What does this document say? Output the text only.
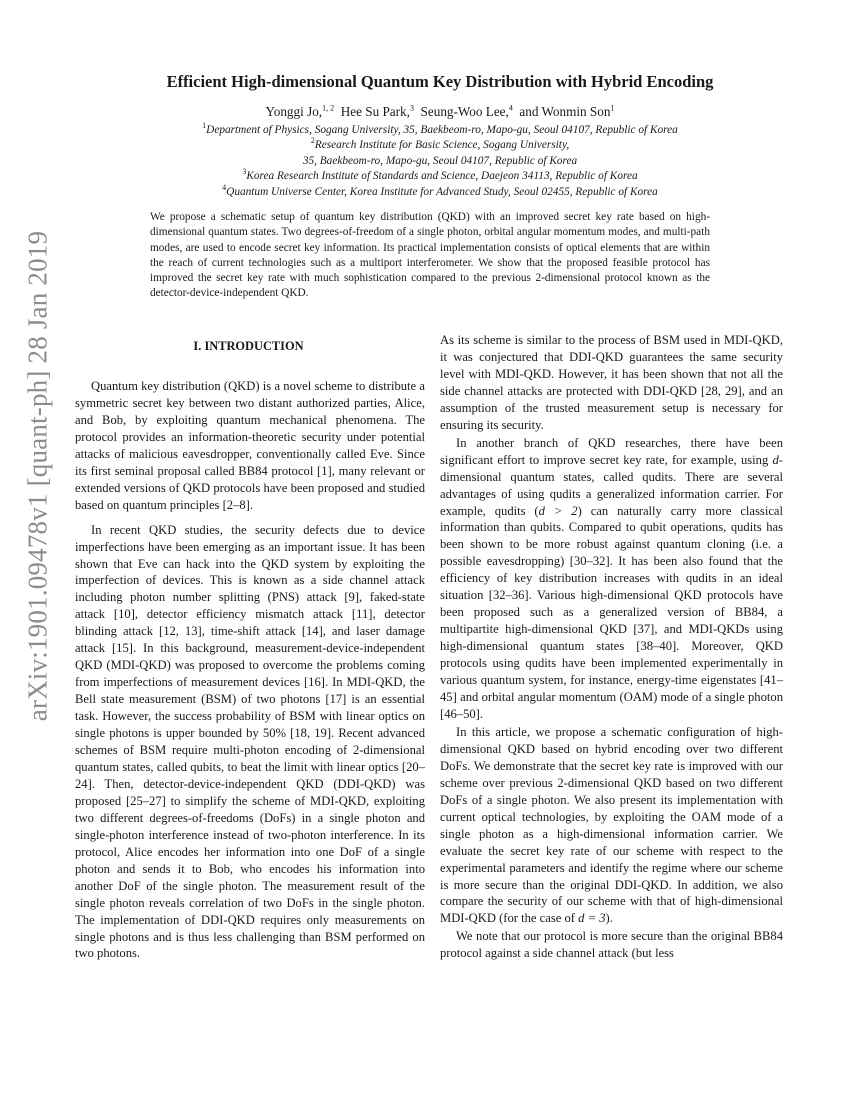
arXiv:1901.09478v1 [quant-ph] 28 Jan 2019
Efficient High-dimensional Quantum Key Distribution with Hybrid Encoding
Yonggi Jo,$^{1, 2}$ Hee Su Park,$^3$ Seung-Woo Lee,$^4$ and Wonmin Son$^1$
$^1$Department of Physics, Sogang University, 35, Baekbeom-ro, Mapo-gu, Seoul 04107, Republic of Korea
$^2$Research Institute for Basic Science, Sogang University,
35, Baekbeom-ro, Mapo-gu, Seoul 04107, Republic of Korea
$^3$Korea Research Institute of Standards and Science, Daejeon 34113, Republic of Korea
$^4$Quantum Universe Center, Korea Institute for Advanced Study, Seoul 02455, Republic of Korea
We propose a schematic setup of quantum key distribution (QKD) with an improved secret key rate based on high-dimensional quantum states. Two degrees-of-freedom of a single photon, orbital angular momentum modes, and multi-path modes, are used to encode secret key information. Its practical implementation consists of optical elements that are within the reach of current technologies such as a multiport interferometer. We show that the proposed feasible protocol has improved the secret key rate with much sophistication compared to the previous 2-dimensional protocol known as the detector-device-independent QKD.
I. INTRODUCTION

Quantum key distribution (QKD) is a novel scheme to distribute a symmetric secret key between two distant authorized parties, Alice, and Bob, by exploiting quantum mechanical phenomena. The protocol provides an information-theoretic security under potential attacks of malicious eavesdropper, conventionally called Eve. Since its first seminal proposal called BB84 protocol [1], many relevant or extended versions of QKD protocols have been proposed and studied based on quantum principles [2–8].

In recent QKD studies, the security defects due to device imperfections have been emerging as an important issue. It has been shown that Eve can hack into the QKD system by exploiting the imperfection of devices. This is known as a side channel attack including photon number splitting (PNS) attack [9], faked-state attack [10], detector efficiency mismatch attack [11], detector blinding attack [12, 13], time-shift attack [14], and laser damage attack [15]. In this background, measurement-device-independent QKD (MDI-QKD) was proposed to overcome the problems coming from imperfections of measurement devices [16]. In MDI-QKD, the Bell state measurement (BSM) of two photons [17] is an essential task. However, the success probability of BSM with linear optics on single photons is upper bounded by 50% [18, 19]. Recent advanced schemes of BSM require multi-photon encoding of 2-dimensional quantum states, called qubits, to beat the limit with linear optics [20–24]. Then, detector-device-independent QKD (DDI-QKD) was proposed [25–27] to simplify the scheme of MDI-QKD, exploiting two different degrees-of-freedoms (DoFs) in a single photon and single-photon interference instead of two-photon interference. In its protocol, Alice encodes her information into one DoF of a single photon and sends it to Bob, who encodes his information into another DoF of the single photon. The measurement result of the single photon reveals correlation of two DoFs in the single photon. The implementation of DDI-QKD requires only measurements on single photons and is thus less challenging than BSM performed on two photons.

As its scheme is similar to the process of BSM used in MDI-QKD, it was conjectured that DDI-QKD guarantees the same security level with MDI-QKD. However, it has been shown that not all the side channel attacks are protected with DDI-QKD [28, 29], and an assumption of the trusted measurement setup is necessary for ensuring its security.

In another branch of QKD researches, there have been significant effort to improve secret key rate, for example, using d-dimensional quantum states, called qudits. There are several advantages of using qudits a generalized information carrier. For example, qudits (d > 2) can naturally carry more classical information than qubits. Compared to qubit operations, qudits has been shown to be more robust against quantum cloning (i.e. a possible eavesdropping) [30–32]. It has been also found that the efficiency of key distribution increases with qudits in an ideal situation [32–36]. Various high-dimensional QKD protocols have been proposed such as a generalized version of BB84, a multipartite high-dimensional QKD [37], and MDI-QKDs using high-dimensional quantum states [38–40]. Moreover, QKD protocols using qudits have been implemented experimentally in various quantum system, for instance, energy-time eigenstates [41–45] and orbital angular momentum (OAM) mode of a single photon [46–50].

In this article, we propose a schematic configuration of high-dimensional QKD based on hybrid encoding over two different DoFs. We demonstrate that the secret key rate is improved with our scheme over previous 2-dimensional QKD based on two different DoFs of a single photon. We also present its implementation with current optical technologies, by exploiting the OAM mode of a single photon as a high-dimensional information carrier. We evaluate the secret key rate of our scheme with respect to the experimental parameters and identify the regime where our scheme is more secure than the original DDI-QKD. In addition, we also compare the security of our scheme with that of high-dimensional MDI-QKD (for the case of d = 3).

We note that our protocol is more secure than the original BB84 protocol against a side channel attack (but less
